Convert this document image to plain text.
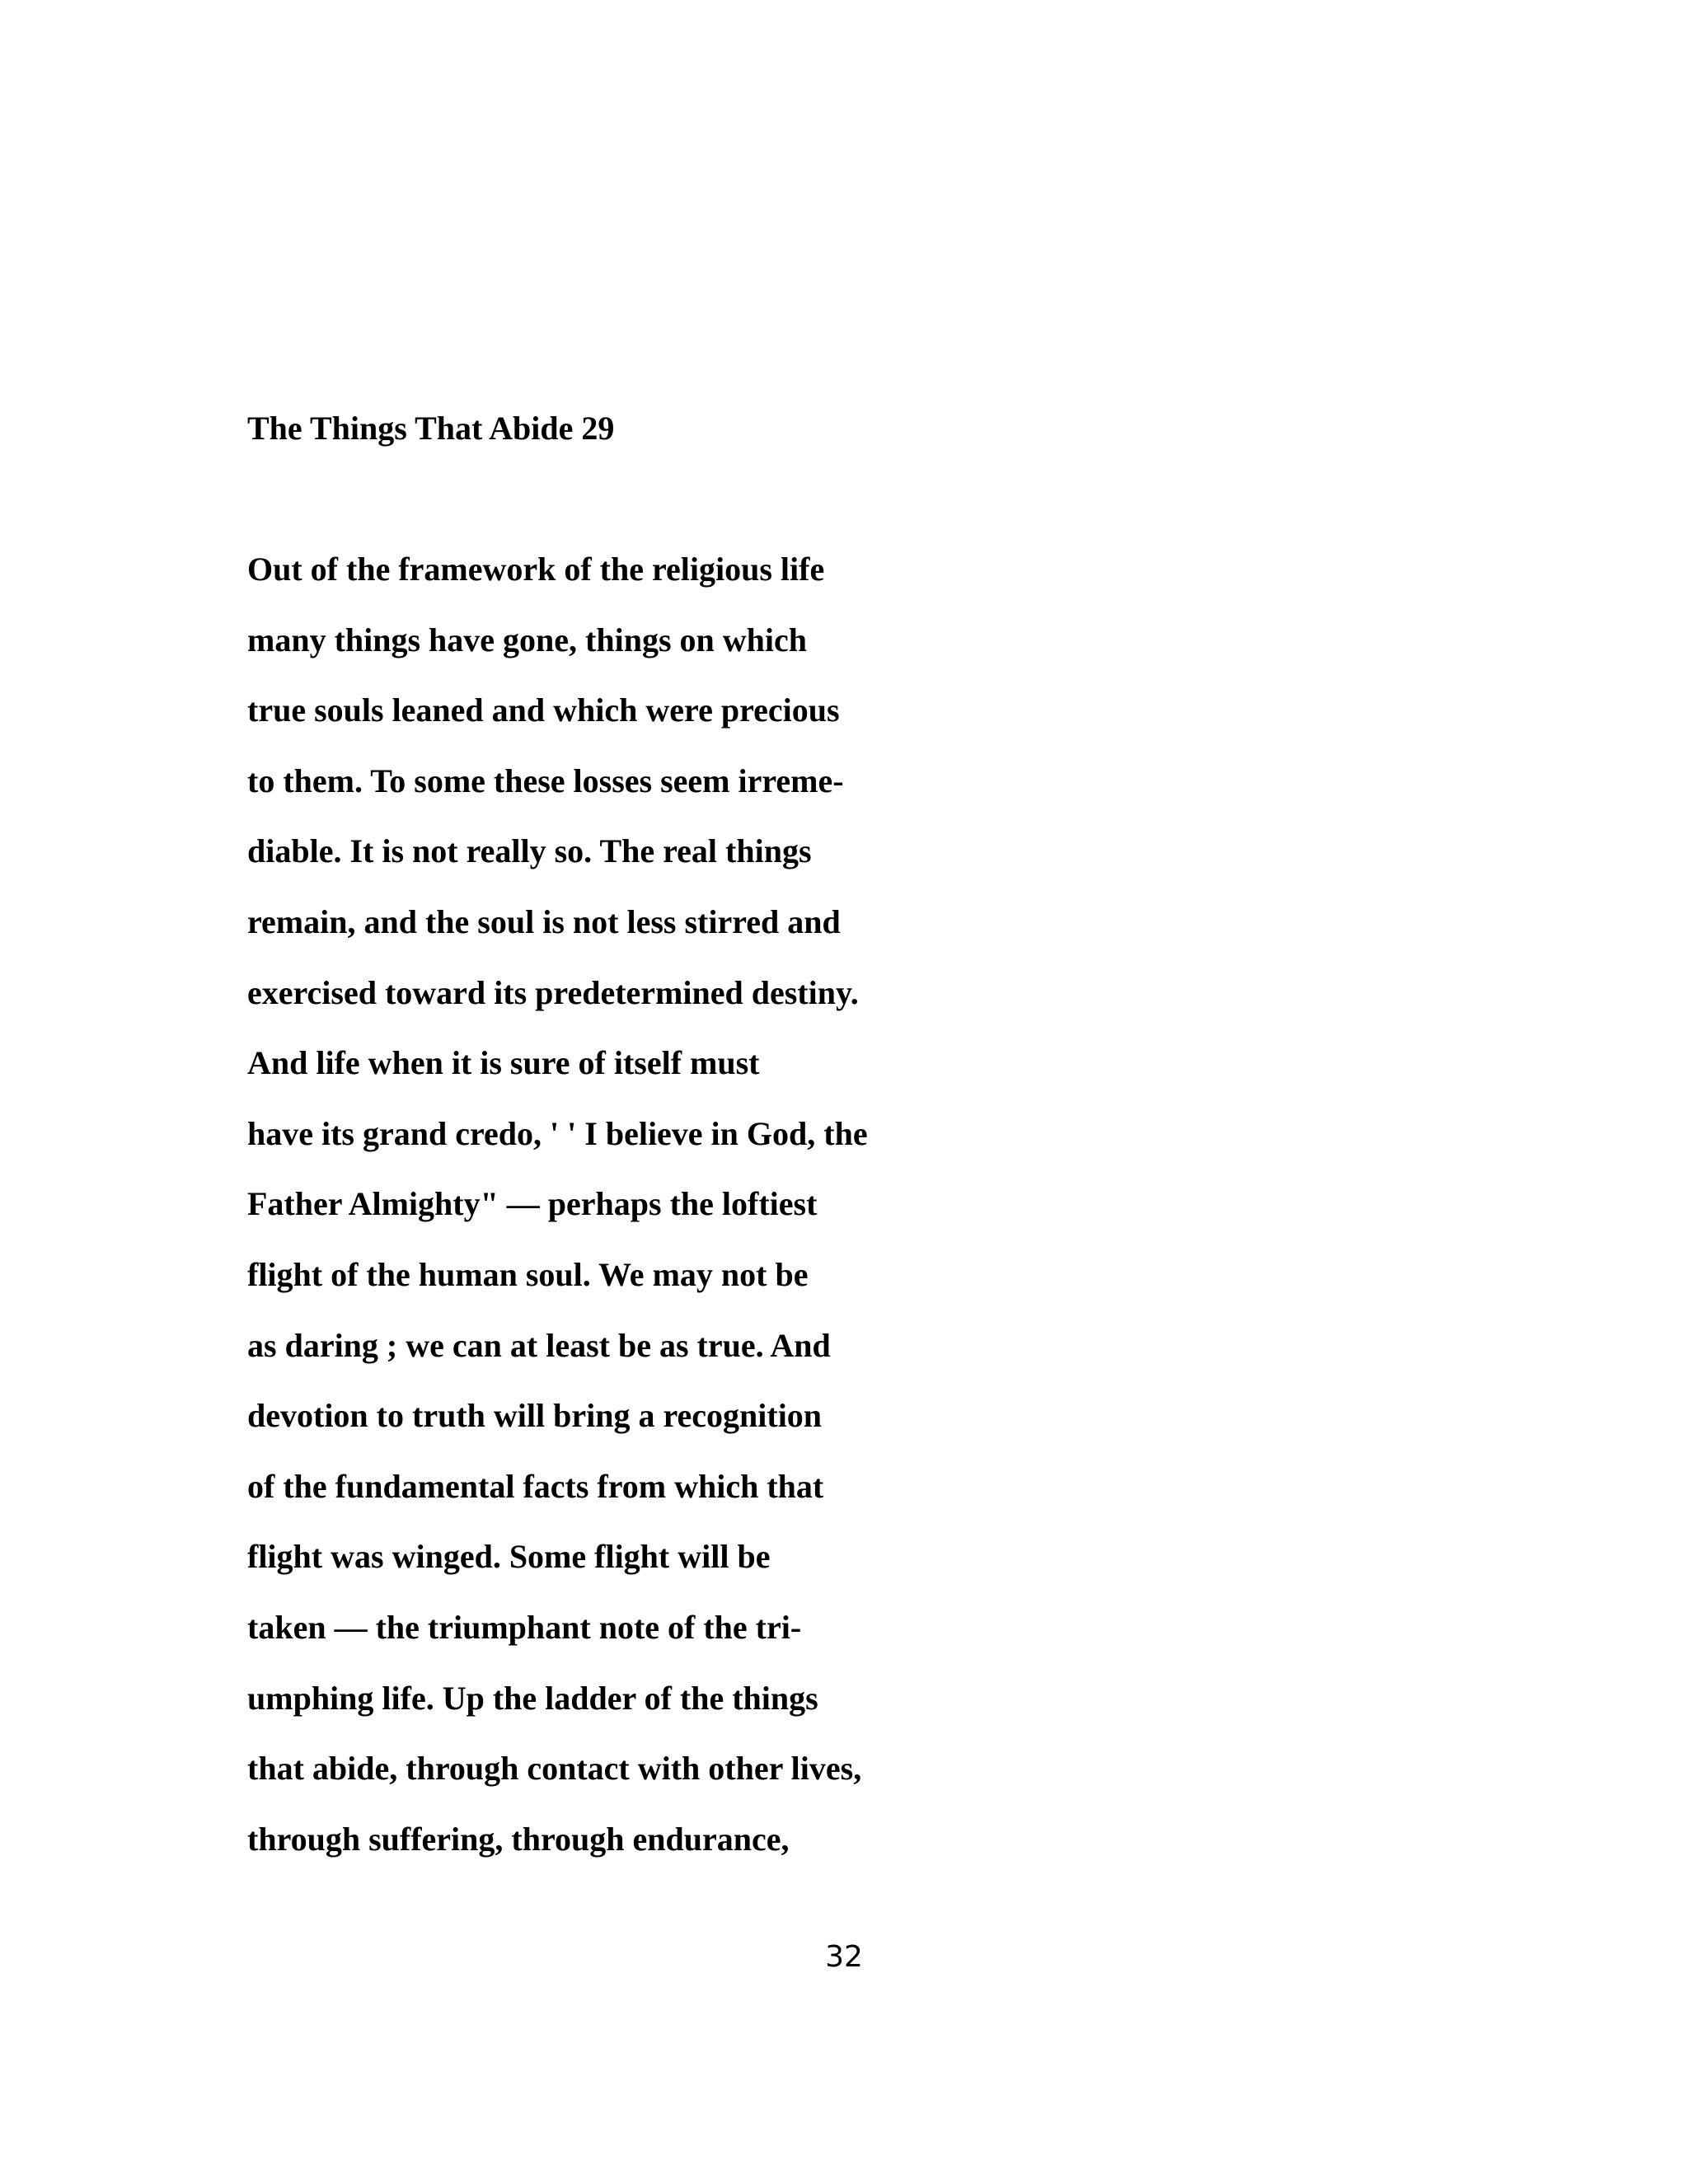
The Things That Abide 29
Out of the framework of the religious life
many things have gone, things on which
true souls leaned and which were precious
to them. To some these losses seem irreme-
diable. It is not really so. The real things
remain, and the soul is not less stirred and
exercised toward its predetermined destiny.
And life when it is sure of itself must
have its grand credo, ' ' I believe in God, the
Father Almighty" — perhaps the loftiest
flight of the human soul. We may not be
as daring ; we can at least be as true. And
devotion to truth will bring a recognition
of the fundamental facts from which that
flight was winged. Some flight will be
taken — the triumphant note of the tri-
umphing life. Up the ladder of the things
that abide, through contact with other lives,
through suffering, through endurance,

32
